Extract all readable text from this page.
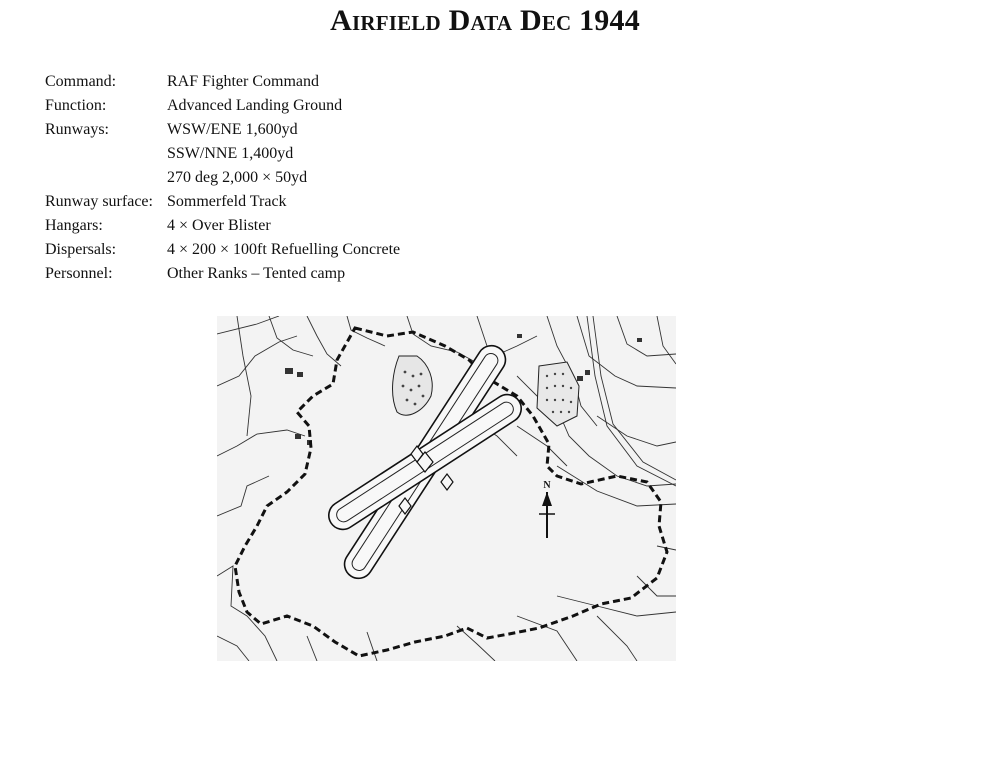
Airfield Data Dec 1944
Command:	RAF Fighter Command
Function:	Advanced Landing Ground
Runways:	WSW/ENE 1,600yd
SSW/NNE 1,400yd
270 deg 2,000 × 50yd
Runway surface: Sommerfeld Track
Hangars:	4 × Over Blister
Dispersals:	4 × 200 × 100ft Refuelling Concrete
Personnel:	Other Ranks – Tented camp
N
